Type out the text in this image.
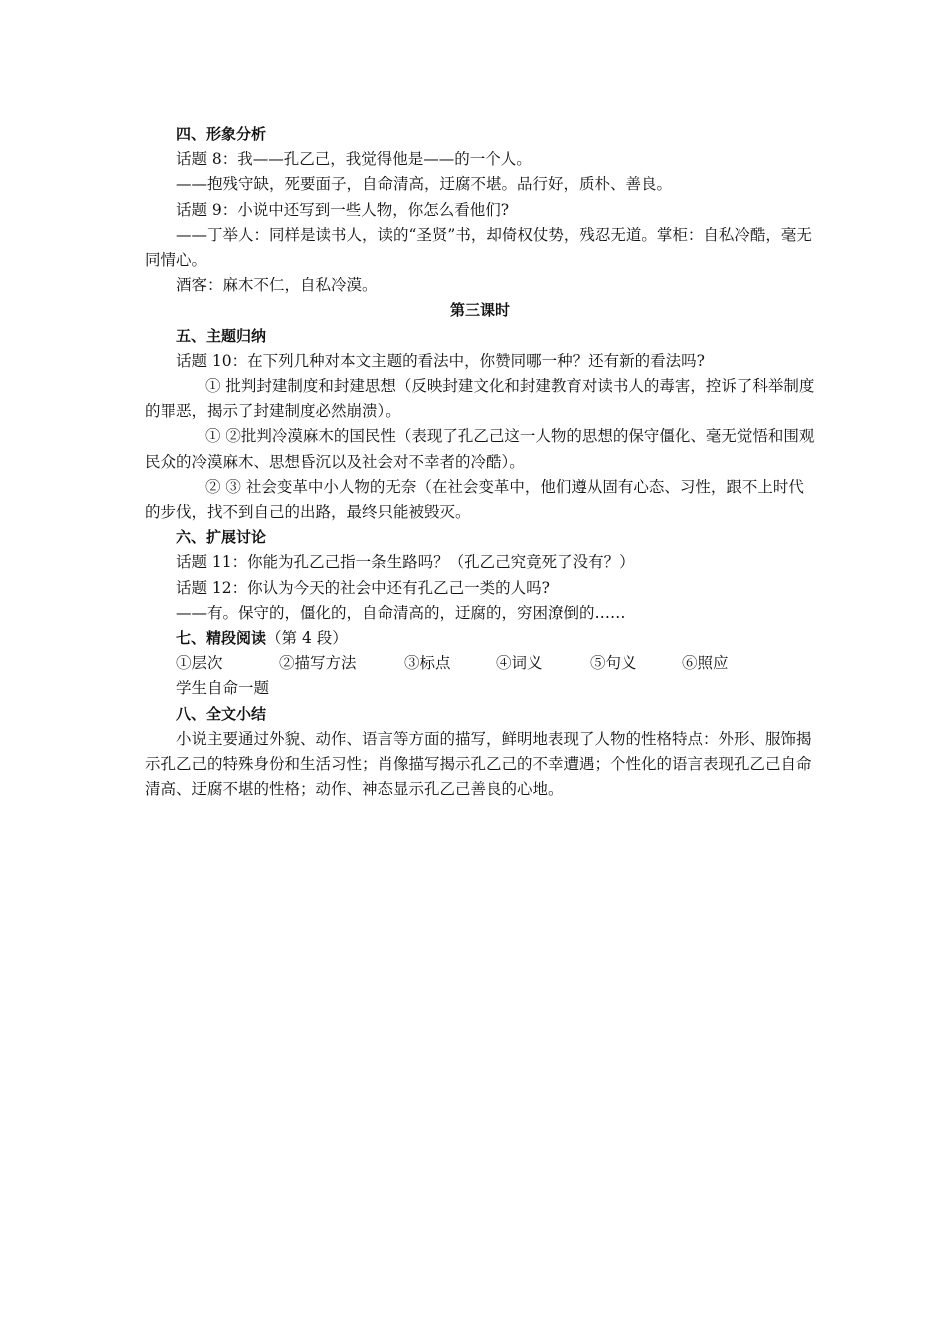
四、形象分析
话题 8：我——孔乙己，我觉得他是——的一个人。
——抱残守缺，死要面子，自命清高，迂腐不堪。品行好，质朴、善良。
话题 9：小说中还写到一些人物，你怎么看他们?
——丁举人：同样是读书人，读的“圣贤”书，却倚权仗势，残忍无道。掌柜：自私冷酷，毫无同情心。
酒客：麻木不仁，自私冷漠。
第三课时
五、主题归纳
话题 10：在下列几种对本文主题的看法中，你赞同哪一种？还有新的看法吗?
① 批判封建制度和封建思想（反映封建文化和封建教育对读书人的毒害，控诉了科举制度的罪恶，揭示了封建制度必然崩溃）。
① ②批判冷漠麻木的国民性（表现了孔乙己这一人物的思想的保守僵化、毫无觉悟和围观民众的冷漠麻木、思想昏沉以及社会对不幸者的冷酷）。
② ③ 社会变革中小人物的无奈（在社会变革中，他们遵从固有心态、习性，跟不上时代的步伐，找不到自己的出路，最终只能被毁灭。
六、扩展讨论
话题 11：你能为孔乙己指一条生路吗？（孔乙己究竟死了没有？）
话题 12：你认为今天的社会中还有孔乙己一类的人吗?
——有。保守的，僵化的，自命清高的，迂腐的，穷困潦倒的……
七、精段阅读（第 4 段）
①层次	②描写方法	③标点	④词义	⑤句义	⑥照应
学生自命一题
八、全文小结
小说主要通过外貌、动作、语言等方面的描写，鲜明地表现了人物的性格特点：外形、服饰揭示孔乙己的特殊身份和生活习性；肖像描写揭示孔乙己的不幸遭遇；个性化的语言表现孔乙己自命清高、迂腐不堪的性格；动作、神态显示孔乙己善良的心地。
